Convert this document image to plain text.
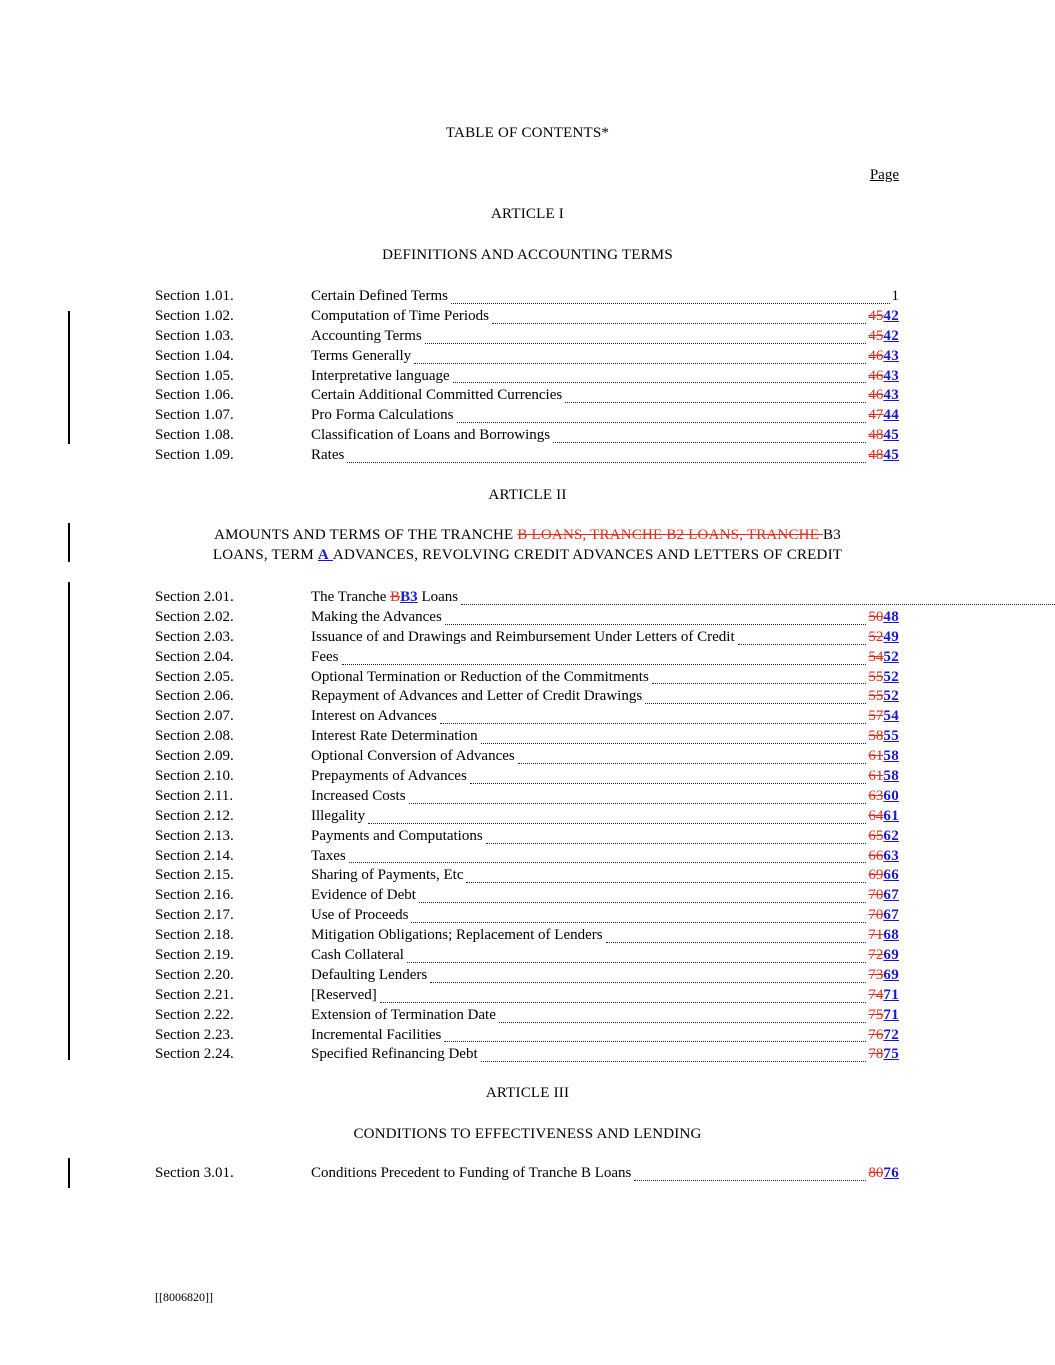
TABLE OF CONTENTS*
Page
ARTICLE I
DEFINITIONS AND ACCOUNTING TERMS
Section 1.01.	Certain Defined Terms	1
Section 1.02.	Computation of Time Periods	4542
Section 1.03.	Accounting Terms	4542
Section 1.04.	Terms Generally	4643
Section 1.05.	Interpretative language	4643
Section 1.06.	Certain Additional Committed Currencies	4643
Section 1.07.	Pro Forma Calculations	4744
Section 1.08.	Classification of Loans and Borrowings	4845
Section 1.09.	Rates	4845
ARTICLE II
AMOUNTS AND TERMS OF THE TRANCHE B LOANS, TRANCHE B2 LOANS, TRANCHE B3
LOANS, TERM A ADVANCES, REVOLVING CREDIT ADVANCES AND LETTERS OF CREDIT
Section 2.01.	The Tranche BB3 Loans
Section 2.02.	Making the Advances	5048
Section 2.03.	Issuance of and Drawings and Reimbursement Under Letters of Credit	5249
Section 2.04.	Fees	5452
Section 2.05.	Optional Termination or Reduction of the Commitments	5552
Section 2.06.	Repayment of Advances and Letter of Credit Drawings	5552
Section 2.07.	Interest on Advances	5754
Section 2.08.	Interest Rate Determination	5855
Section 2.09.	Optional Conversion of Advances	6158
Section 2.10.	Prepayments of Advances	6158
Section 2.11.	Increased Costs	6360
Section 2.12.	Illegality	6461
Section 2.13.	Payments and Computations	6562
Section 2.14.	Taxes	6663
Section 2.15.	Sharing of Payments, Etc	6966
Section 2.16.	Evidence of Debt	7067
Section 2.17.	Use of Proceeds	7067
Section 2.18.	Mitigation Obligations; Replacement of Lenders	7168
Section 2.19.	Cash Collateral	7269
Section 2.20.	Defaulting Lenders	7369
Section 2.21.	[Reserved]	7471
Section 2.22.	Extension of Termination Date	7571
Section 2.23.	Incremental Facilities	7672
Section 2.24.	Specified Refinancing Debt	7875
ARTICLE III
CONDITIONS TO EFFECTIVENESS AND LENDING
Section 3.01.	Conditions Precedent to Funding of Tranche B Loans	8076
[[8006820]]
